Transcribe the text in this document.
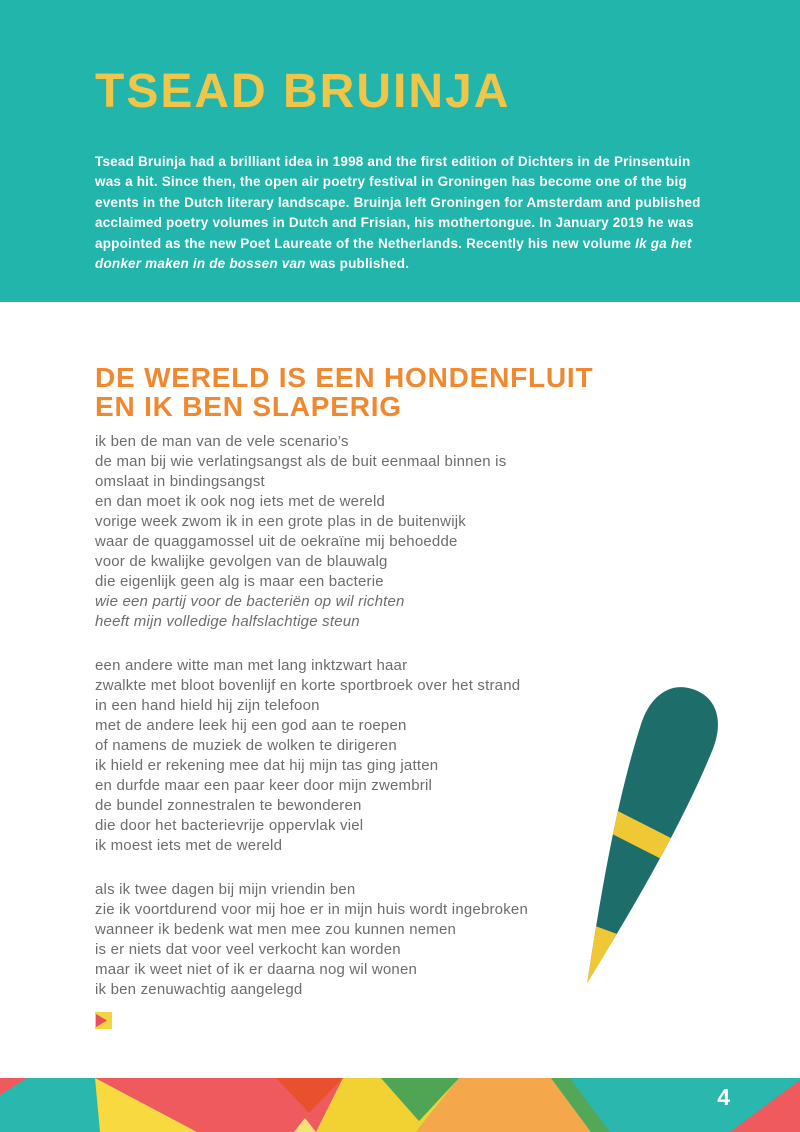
TSEAD BRUINJA
Tsead Bruinja had a brilliant idea in 1998 and the first edition of Dichters in de Prinsentuin
was a hit. Since then, the open air poetry festival in Groningen has become one of the big
events in the Dutch literary landscape. Bruinja left Groningen for Amsterdam and published
acclaimed poetry volumes in Dutch and Frisian, his mothertongue. In January 2019 he was
appointed as the new Poet Laureate of the Netherlands. Recently his new volume Ik ga het
donker maken in de bossen van was published.
DE WERELD IS EEN HONDENFLUIT
EN IK BEN SLAPERIG
ik ben de man van de vele scenario’s
de man bij wie verlatingsangst als de buit eenmaal binnen is
omslaat in bindingsangst
en dan moet ik ook nog iets met de wereld
vorige week zwom ik in een grote plas in de buitenwijk
waar de quaggamossel uit de oekraïne mij behoedde
voor de kwalijke gevolgen van de blauwalg
die eigenlijk geen alg is maar een bacterie
wie een partij voor de bacteriën op wil richten
heeft mijn volledige halfslachtige steun
een andere witte man met lang inktzwart haar
zwalkte met bloot bovenlijf en korte sportbroek over het strand
in een hand hield hij zijn telefoon
met de andere leek hij een god aan te roepen
of namens de muziek de wolken te dirigeren
ik hield er rekening mee dat hij mijn tas ging jatten
en durfde maar een paar keer door mijn zwembril
de bundel zonnestralen te bewonderen
die door het bacterievrije oppervlak viel
ik moest iets met de wereld
als ik twee dagen bij mijn vriendin ben
zie ik voortdurend voor mij hoe er in mijn huis wordt ingebroken
wanneer ik bedenk wat men mee zou kunnen nemen
is er niets dat voor veel verkocht kan worden
maar ik weet niet of ik er daarna nog wil wonen
ik ben zenuwachtig aangelegd
4
